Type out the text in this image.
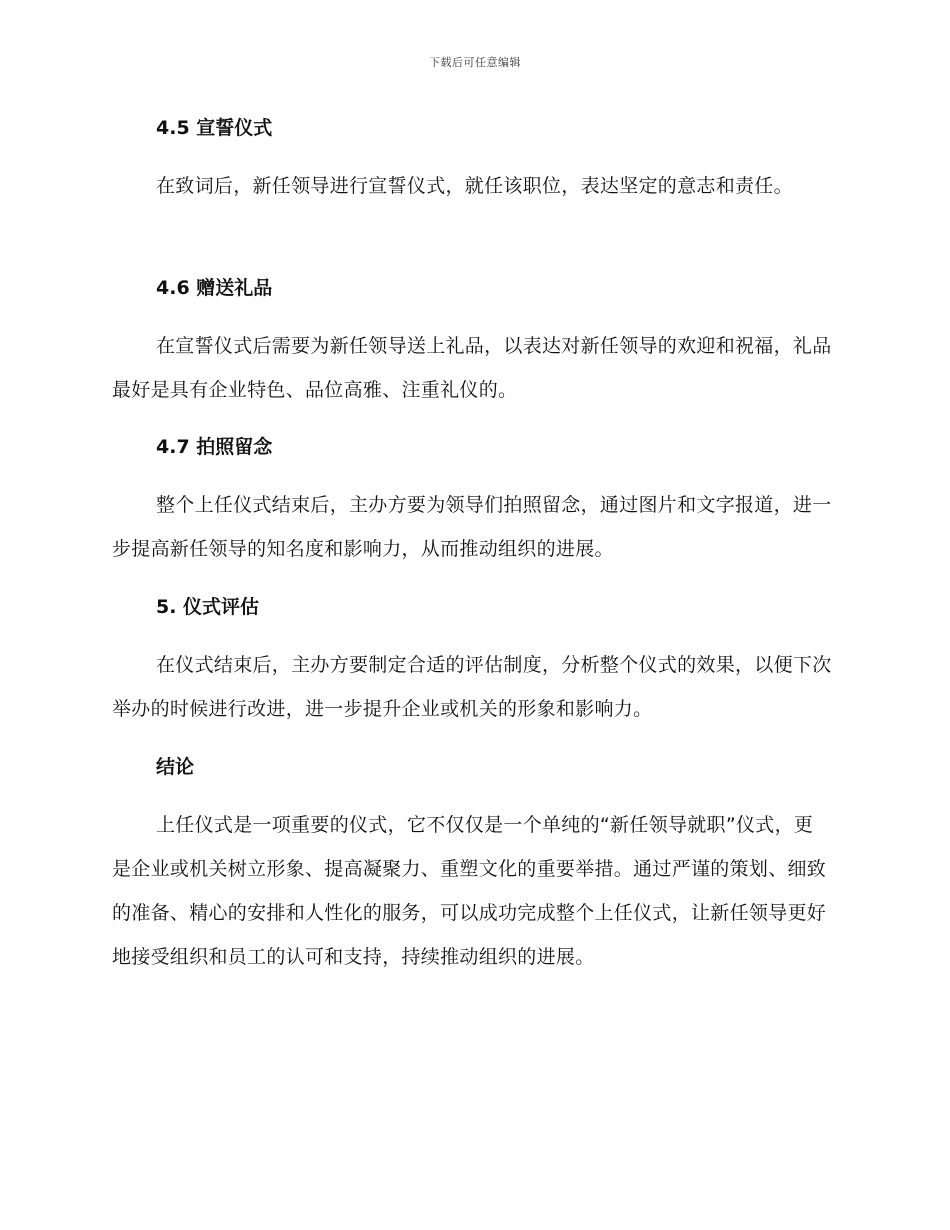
下载后可任意编辑
4.5 宣誓仪式
在致词后，新任领导进行宣誓仪式，就任该职位，表达坚定的意志和责任。
4.6 赠送礼品
在宣誓仪式后需要为新任领导送上礼品，以表达对新任领导的欢迎和祝福，礼品最好是具有企业特色、品位高雅、注重礼仪的。
4.7 拍照留念
整个上任仪式结束后，主办方要为领导们拍照留念，通过图片和文字报道，进一步提高新任领导的知名度和影响力，从而推动组织的进展。
5. 仪式评估
在仪式结束后，主办方要制定合适的评估制度，分析整个仪式的效果，以便下次举办的时候进行改进，进一步提升企业或机关的形象和影响力。
结论
上任仪式是一项重要的仪式，它不仅仅是一个单纯的“新任领导就职”仪式，更是企业或机关树立形象、提高凝聚力、重塑文化的重要举措。通过严谨的策划、细致的准备、精心的安排和人性化的服务，可以成功完成整个上任仪式，让新任领导更好地接受组织和员工的认可和支持，持续推动组织的进展。
